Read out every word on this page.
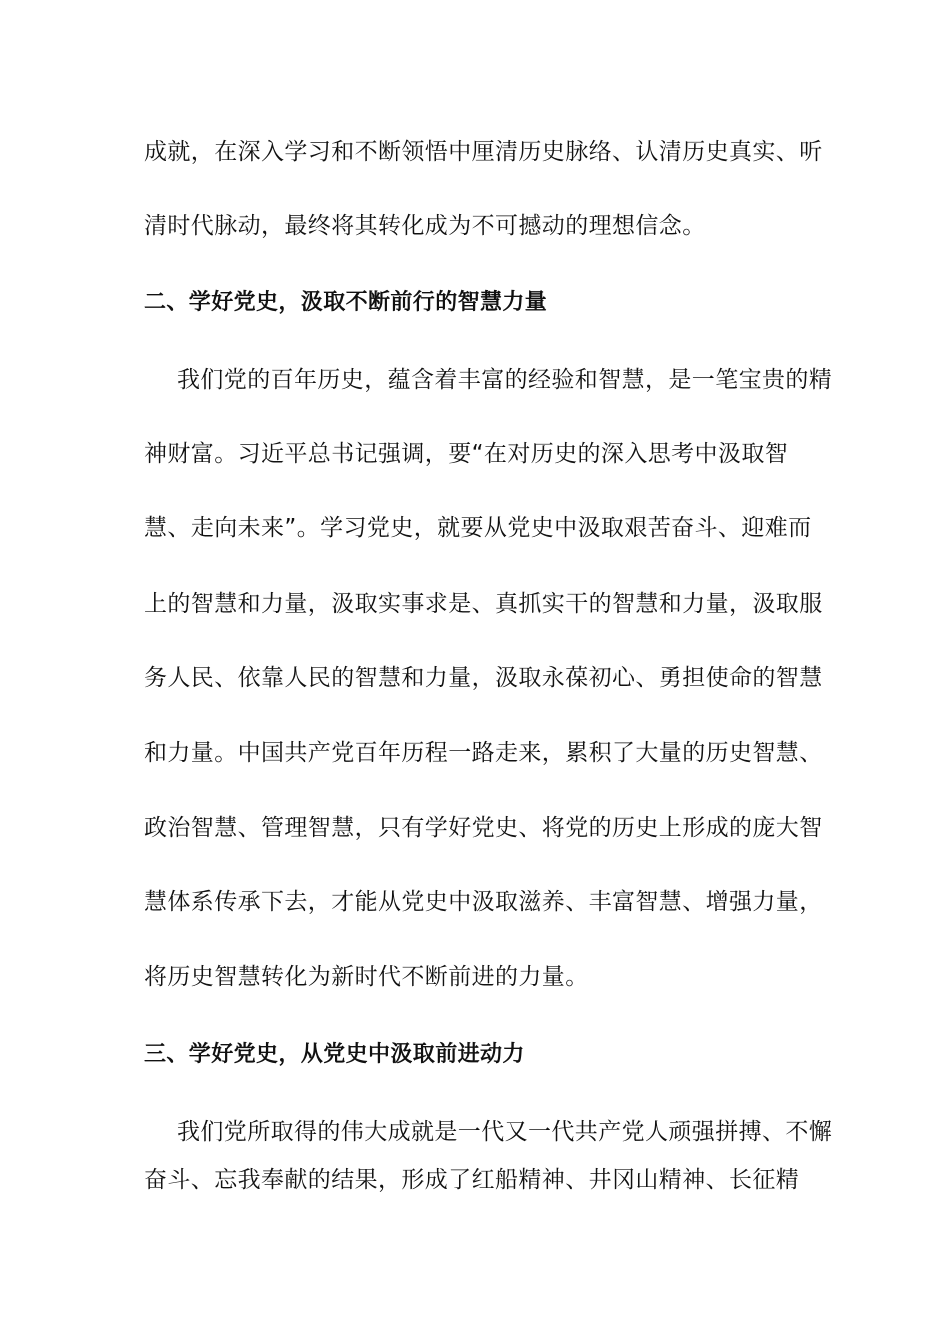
成就，在深入学习和不断领悟中厘清历史脉络、认清历史真实、听
清时代脉动，最终将其转化成为不可撼动的理想信念。
二、学好党史，汲取不断前行的智慧力量
我们党的百年历史，蕴含着丰富的经验和智慧，是一笔宝贵的精
神财富。习近平总书记强调，要“在对历史的深入思考中汲取智
慧、走向未来”。学习党史，就要从党史中汲取艰苦奋斗、迎难而
上的智慧和力量，汲取实事求是、真抓实干的智慧和力量，汲取服
务人民、依靠人民的智慧和力量，汲取永葆初心、勇担使命的智慧
和力量。中国共产党百年历程一路走来，累积了大量的历史智慧、
政治智慧、管理智慧，只有学好党史、将党的历史上形成的庞大智
慧体系传承下去，才能从党史中汲取滋养、丰富智慧、增强力量，
将历史智慧转化为新时代不断前进的力量。
三、学好党史，从党史中汲取前进动力
我们党所取得的伟大成就是一代又一代共产党人顽强拼搏、不懈
奋斗、忘我奉献的结果，形成了红船精神、井冈山精神、长征精
